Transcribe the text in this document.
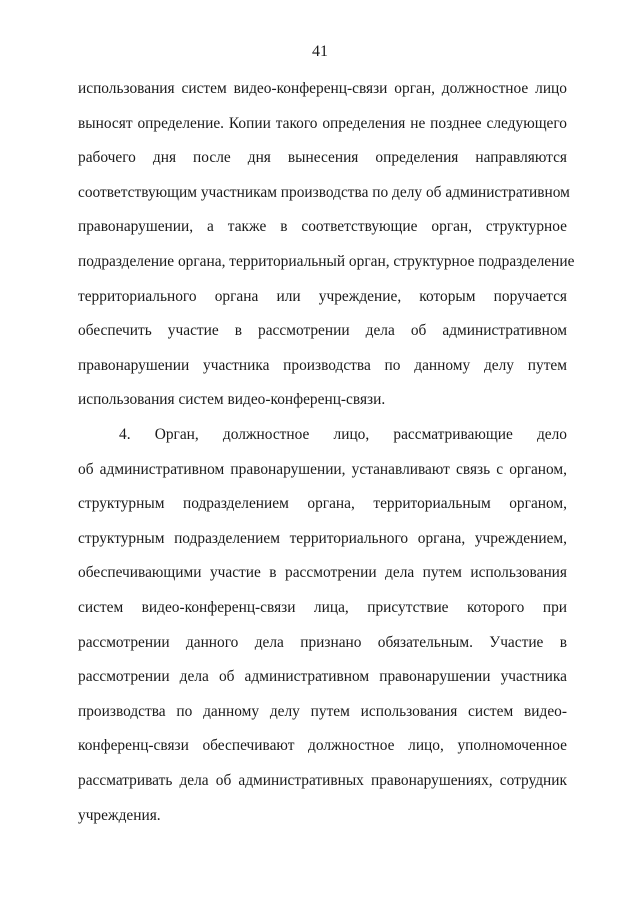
41
использования систем видео-конференц-связи орган, должностное лицо
выносят определение. Копии такого определения не позднее следующего
рабочего дня после дня вынесения определения направляются
соответствующим участникам производства по делу об административном
правонарушении, а также в соответствующие орган, структурное
подразделение органа, территориальный орган, структурное подразделение
территориального органа или учреждение, которым поручается
обеспечить участие в рассмотрении дела об административном
правонарушении участника производства по данному делу путем
использования систем видео-конференц-связи.
4. Орган, должностное лицо, рассматривающие дело
об административном правонарушении, устанавливают связь с органом,
структурным подразделением органа, территориальным органом,
структурным подразделением территориального органа, учреждением,
обеспечивающими участие в рассмотрении дела путем использования
систем видео-конференц-связи лица, присутствие которого при
рассмотрении данного дела признано обязательным. Участие в
рассмотрении дела об административном правонарушении участника
производства по данному делу путем использования систем видео-
конференц-связи обеспечивают должностное лицо, уполномоченное
рассматривать дела об административных правонарушениях, сотрудник
учреждения.
